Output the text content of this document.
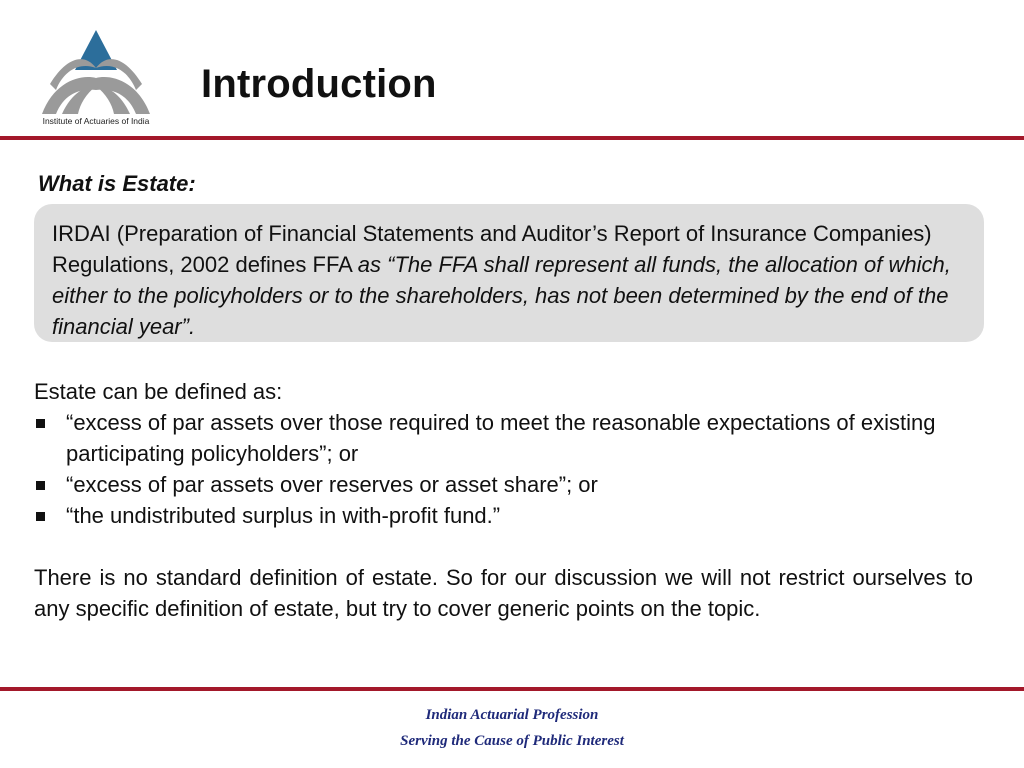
Institute of Actuaries of India
Introduction
What is Estate:

IRDAI (Preparation of Financial Statements and Auditor’s Report of Insurance Companies) Regulations, 2002 defines FFA as “The FFA shall represent all funds, the allocation of which, either to the policyholders or to the shareholders, has not been determined by the end of the financial year”.

Estate can be defined as:

“excess of par assets over those required to meet the reasonable expectations of existing participating policyholders”; or
“excess of par assets over reserves or asset share”; or
“the undistributed surplus in with-profit fund.”

There is no standard definition of estate. So for our discussion we will not restrict ourselves to any specific definition of estate, but try to cover generic points on the topic.

Indian Actuarial Profession
Serving the Cause of Public Interest
